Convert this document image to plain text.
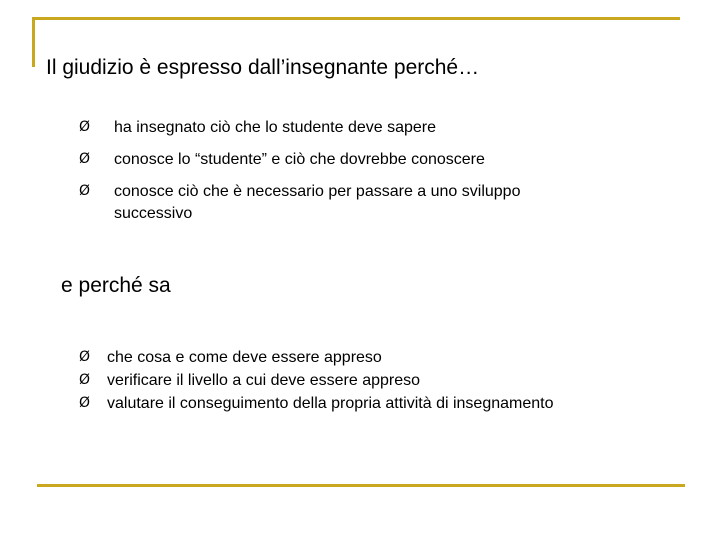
Il giudizio è espresso dall’insegnante perché…
Ø ha insegnato ciò che lo studente deve sapere
Ø conosce lo “studente” e ciò che dovrebbe conoscere
Ø conosce ciò che è necessario per passare a uno sviluppo
successivo
e perché sa
Ø che cosa e come deve essere appreso
Ø verificare il livello a cui deve essere appreso
Ø valutare il conseguimento della propria attività di insegnamento
